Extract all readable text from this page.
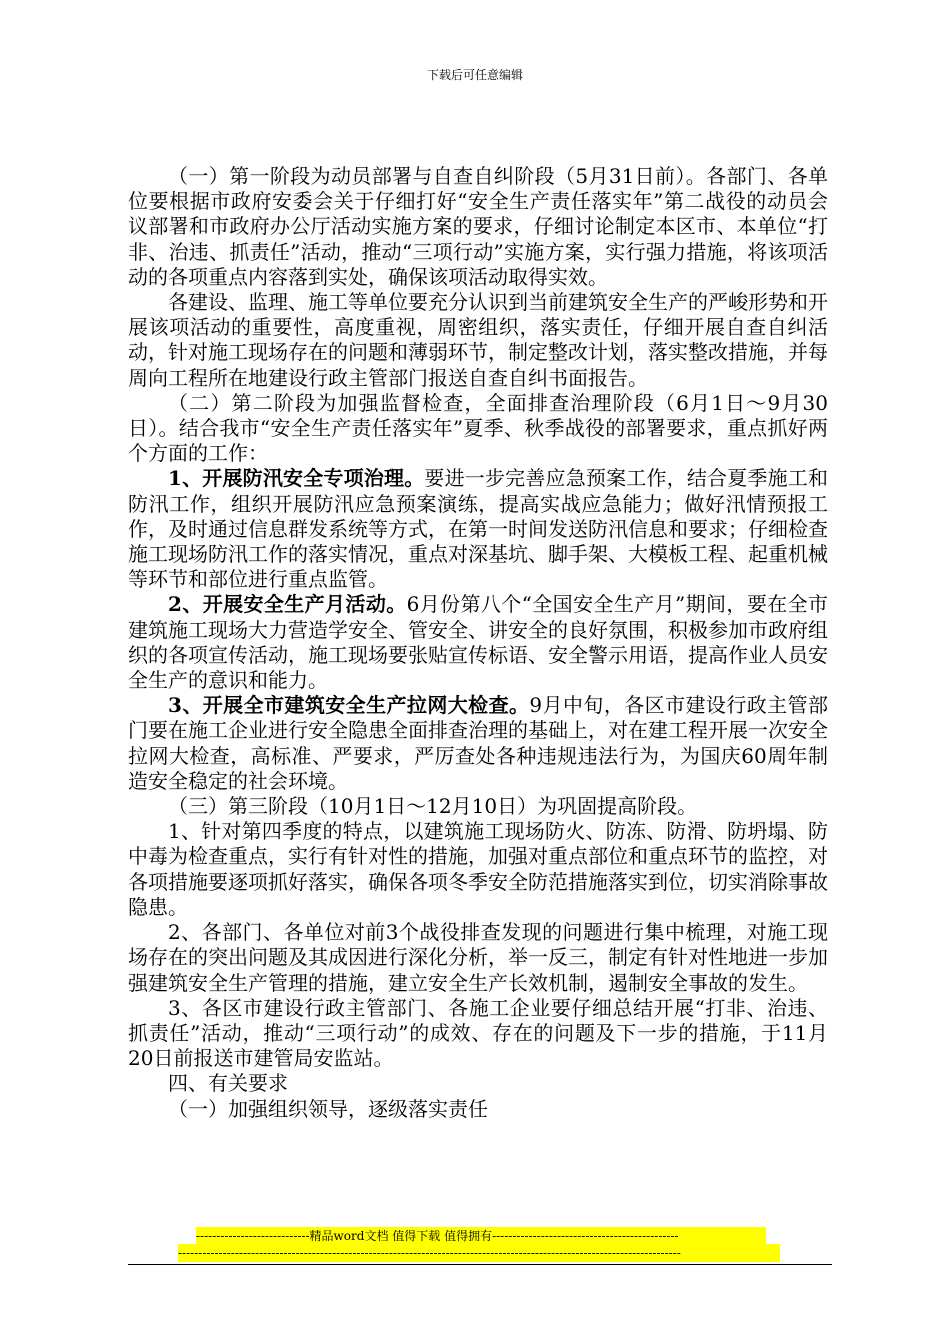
下载后可任意编辑

（一）第一阶段为动员部署与自查自纠阶段（5月31日前）。各部门、各单位要根据市政府安委会关于仔细打好“安全生产责任落实年”第二战役的动员会议部署和市政府办公厅活动实施方案的要求，仔细讨论制定本区市、本单位“打非、治违、抓责任”活动，推动“三项行动”实施方案，实行强力措施，将该项活动的各项重点内容落到实处，确保该项活动取得实效。

各建设、监理、施工等单位要充分认识到当前建筑安全生产的严峻形势和开展该项活动的重要性，高度重视，周密组织，落实责任，仔细开展自查自纠活动，针对施工现场存在的问题和薄弱环节，制定整改计划，落实整改措施，并每周向工程所在地建设行政主管部门报送自查自纠书面报告。

（二）第二阶段为加强监督检查，全面排查治理阶段（6月1日～9月30日）。结合我市“安全生产责任落实年”夏季、秋季战役的部署要求，重点抓好两个方面的工作：

1、开展防汛安全专项治理。要进一步完善应急预案工作，结合夏季施工和防汛工作，组织开展防汛应急预案演练，提高实战应急能力；做好汛情预报工作，及时通过信息群发系统等方式，在第一时间发送防汛信息和要求；仔细检查施工现场防汛工作的落实情况，重点对深基坑、脚手架、大模板工程、起重机械等环节和部位进行重点监管。

2、开展安全生产月活动。6月份第八个“全国安全生产月”期间，要在全市建筑施工现场大力营造学安全、管安全、讲安全的良好氛围，积极参加市政府组织的各项宣传活动，施工现场要张贴宣传标语、安全警示用语，提高作业人员安全生产的意识和能力。

3、开展全市建筑安全生产拉网大检查。9月中旬，各区市建设行政主管部门要在施工企业进行安全隐患全面排查治理的基础上，对在建工程开展一次安全拉网大检查，高标准、严要求，严厉查处各种违规违法行为，为国庆60周年制造安全稳定的社会环境。

（三）第三阶段（10月1日～12月10日）为巩固提高阶段。

1、针对第四季度的特点，以建筑施工现场防火、防冻、防滑、防坍塌、防中毒为检查重点，实行有针对性的措施，加强对重点部位和重点环节的监控，对各项措施要逐项抓好落实，确保各项冬季安全防范措施落实到位，切实消除事故隐患。

2、各部门、各单位对前3个战役排查发现的问题进行集中梳理，对施工现场存在的突出问题及其成因进行深化分析，举一反三，制定有针对性地进一步加强建筑安全生产管理的措施，建立安全生产长效机制，遏制安全事故的发生。

3、各区市建设行政主管部门、各施工企业要仔细总结开展“打非、治违、抓责任”活动，推动“三项行动”的成效、存在的问题及下一步的措施，于11月20日前报送市建管局安监站。

四、有关要求

（一）加强组织领导，逐级落实责任

----------------------------精品word文档 值得下载 值得拥有----------------------------------------------
----------------------------------------------------------------------------------------------------------------------------
